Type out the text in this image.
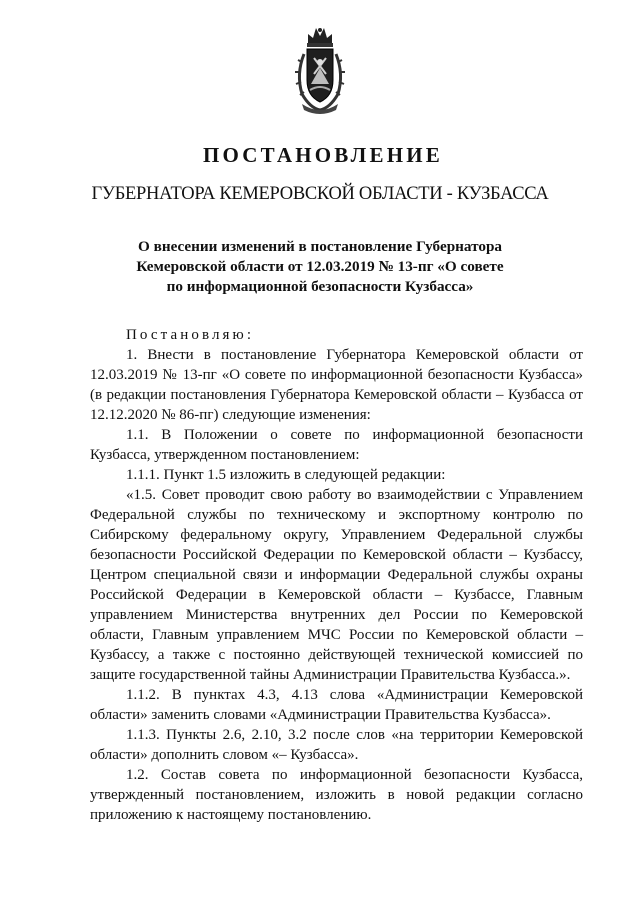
ПОСТАНОВЛЕНИЕ
ГУБЕРНАТОРА КЕМЕРОВСКОЙ ОБЛАСТИ - КУЗБАССА
О внесении изменений в постановление Губернатора
Кемеровской области от 12.03.2019 № 13-пг «О совете
по информационной безопасности Кузбасса»

Постановляю:

1. Внести в постановление Губернатора Кемеровской области от 12.03.2019 № 13-пг «О совете по информационной безопасности Кузбасса» (в редакции постановления Губернатора Кемеровской области – Кузбасса от 12.12.2020 № 86-пг) следующие изменения:

1.1. В Положении о совете по информационной безопасности Кузбасса, утвержденном постановлением:

1.1.1. Пункт 1.5 изложить в следующей редакции:

«1.5. Совет проводит свою работу во взаимодействии с Управлением Федеральной службы по техническому и экспортному контролю по Сибирскому федеральному округу, Управлением Федеральной службы безопасности Российской Федерации по Кемеровской области – Кузбассу, Центром специальной связи и информации Федеральной службы охраны Российской Федерации в Кемеровской области – Кузбассе, Главным управлением Министерства внутренних дел России по Кемеровской области, Главным управлением МЧС России по Кемеровской области – Кузбассу, а также с постоянно действующей технической комиссией по защите государственной тайны Администрации Правительства Кузбасса.».

1.1.2. В пунктах 4.3, 4.13 слова «Администрации Кемеровской области» заменить словами «Администрации Правительства Кузбасса».

1.1.3. Пункты 2.6, 2.10, 3.2 после слов «на территории Кемеровской области» дополнить словом «– Кузбасса».

1.2. Состав совета по информационной безопасности Кузбасса, утвержденный постановлением, изложить в новой редакции согласно приложению к настоящему постановлению.
